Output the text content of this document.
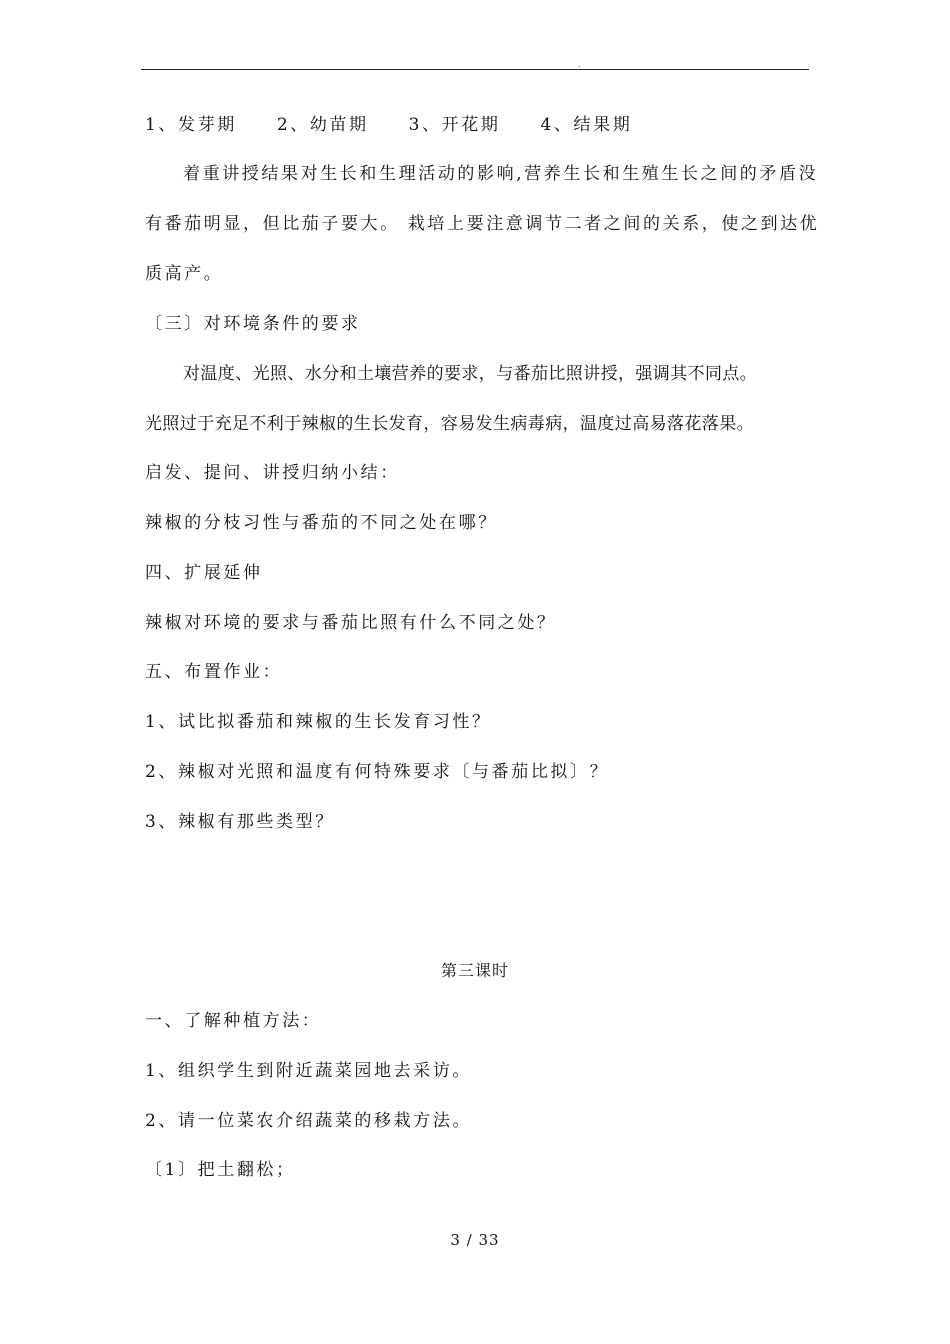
.
1、发芽期 2、幼苗期 3、开花期 4、结果期
着重讲授结果对生长和生理活动的影响,营养生长和生殖生长之间的矛盾没
有番茄明显，但比茄子要大。 栽培上要注意调节二者之间的关系，使之到达优
质高产。
〔三〕对环境条件的要求
对温度、光照、水分和土壤营养的要求，与番茄比照讲授，强调其不同点。
光照过于充足不利于辣椒的生长发育，容易发生病毒病，温度过高易落花落果。
启发、提问、讲授归纳小结：
辣椒的分枝习性与番茄的不同之处在哪？
四、扩展延伸
辣椒对环境的要求与番茄比照有什么不同之处？
五、布置作业：
1、试比拟番茄和辣椒的生长发育习性？
2、辣椒对光照和温度有何特殊要求〔与番茄比拟〕？
3、辣椒有那些类型？
第三课时
一、了解种植方法：
1、组织学生到附近蔬菜园地去采访。
2、请一位菜农介绍蔬菜的移栽方法。
〔1〕把土翻松；
3 / 33
